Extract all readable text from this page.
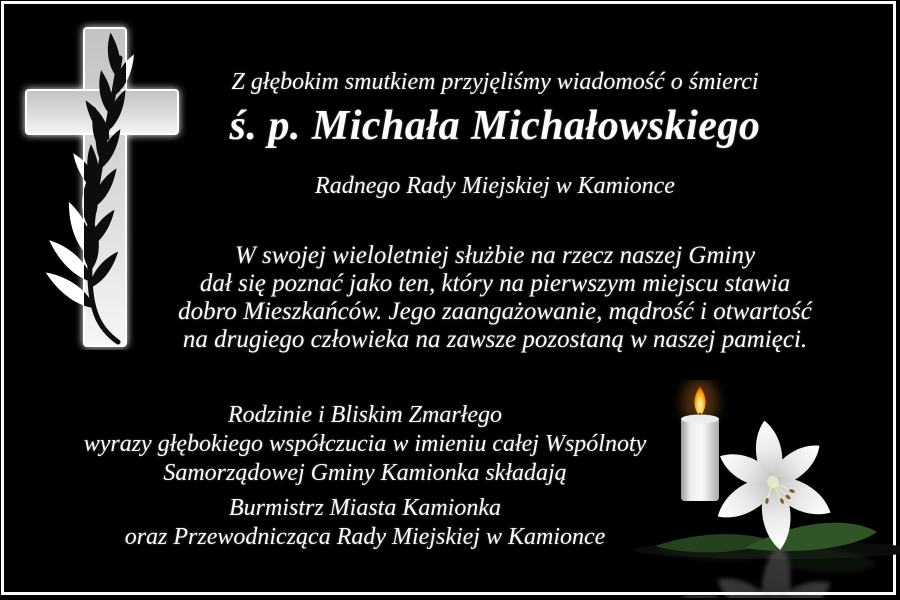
Z głębokim smutkiem przyjęliśmy wiadomość o śmierci
ś. p. Michała Michałowskiego
Radnego Rady Miejskiej w Kamionce
W swojej wieloletniej służbie na rzecz naszej Gminy
dał się poznać jako ten, który na pierwszym miejscu stawia
dobro Mieszkańców. Jego zaangażowanie, mądrość i otwartość
na drugiego człowieka na zawsze pozostaną w naszej pamięci.
Rodzinie i Bliskim Zmarłego
wyrazy głębokiego współczucia w imieniu całej Wspólnoty
Samorządowej Gminy Kamionka składają
Burmistrz Miasta Kamionka
oraz Przewodnicząca Rady Miejskiej w Kamionce
